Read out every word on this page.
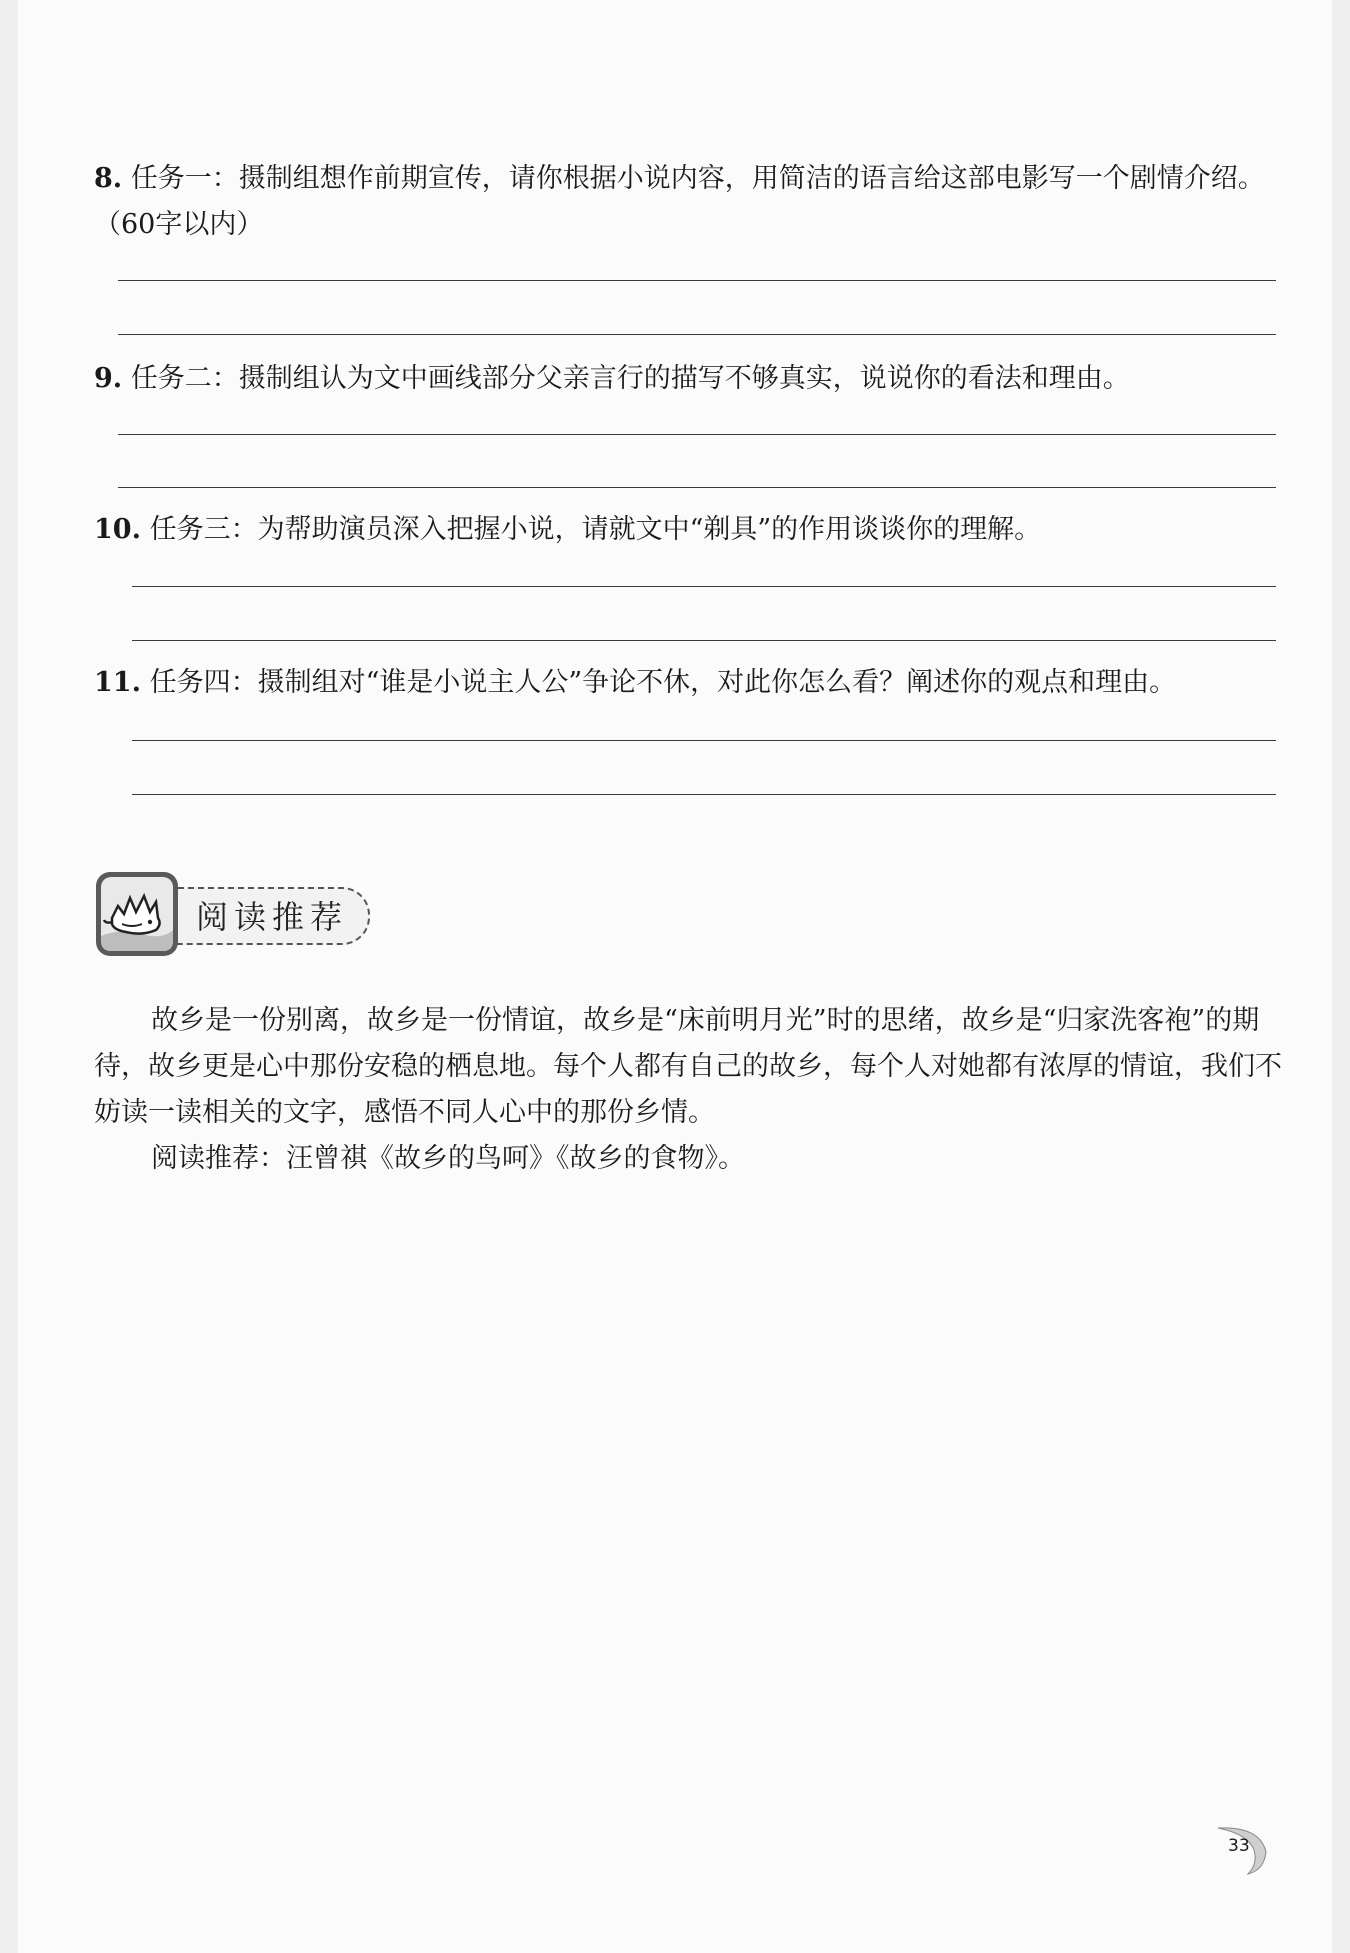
8. 任务一：摄制组想作前期宣传，请你根据小说内容，用简洁的语言给这部电影写一个剧情介绍。
（60字以内）
9. 任务二：摄制组认为文中画线部分父亲言行的描写不够真实，说说你的看法和理由。
10. 任务三：为帮助演员深入把握小说，请就文中“剃具”的作用谈谈你的理解。
11. 任务四：摄制组对“谁是小说主人公”争论不休，对此你怎么看？阐述你的观点和理由。
阅读推荐

故乡是一份别离，故乡是一份情谊，故乡是“床前明月光”时的思绪，故乡是“归家洗客袍”的期待，故乡更是心中那份安稳的栖息地。每个人都有自己的故乡，每个人对她都有浓厚的情谊，我们不妨读一读相关的文字，感悟不同人心中的那份乡情。

阅读推荐：汪曾祺《故乡的鸟呵》《故乡的食物》。

33
